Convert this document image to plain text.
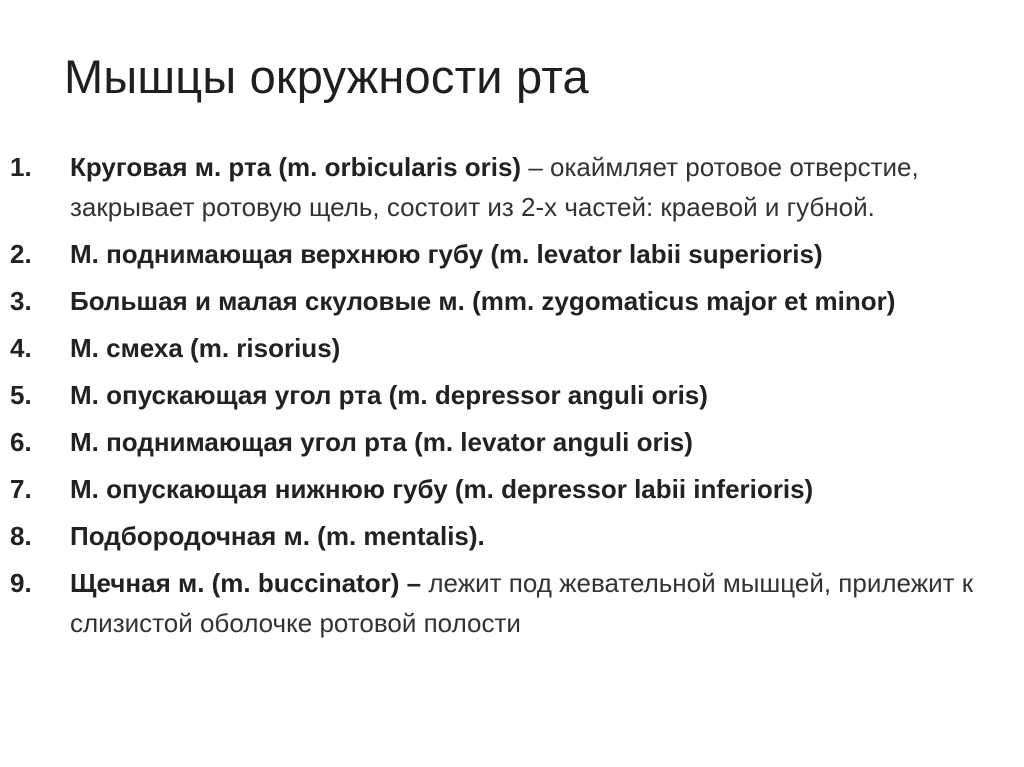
Мышцы окружности рта
1.	Круговая м. рта (m. orbicularis oris) – окаймляет ротовое отверстие, закрывает ротовую щель, состоит из 2-х частей: краевой и губной.
2.	М. поднимающая верхнюю губу (m. levator labii superioris)
3.	Большая и малая скуловые м. (mm. zygomaticus major et minor)
4.	М. смеха (m. risorius)
5.	М. опускающая угол рта (m. depressor anguli oris)
6.	М. поднимающая угол рта (m. levator anguli oris)
7.	М. опускающая нижнюю губу (m. depressor labii inferioris)
8.	Подбородочная м. (m. mentalis).
9.	Щечная м. (m. buccinator) – лежит под жевательной мышцей, прилежит к слизистой оболочке ротовой полости
